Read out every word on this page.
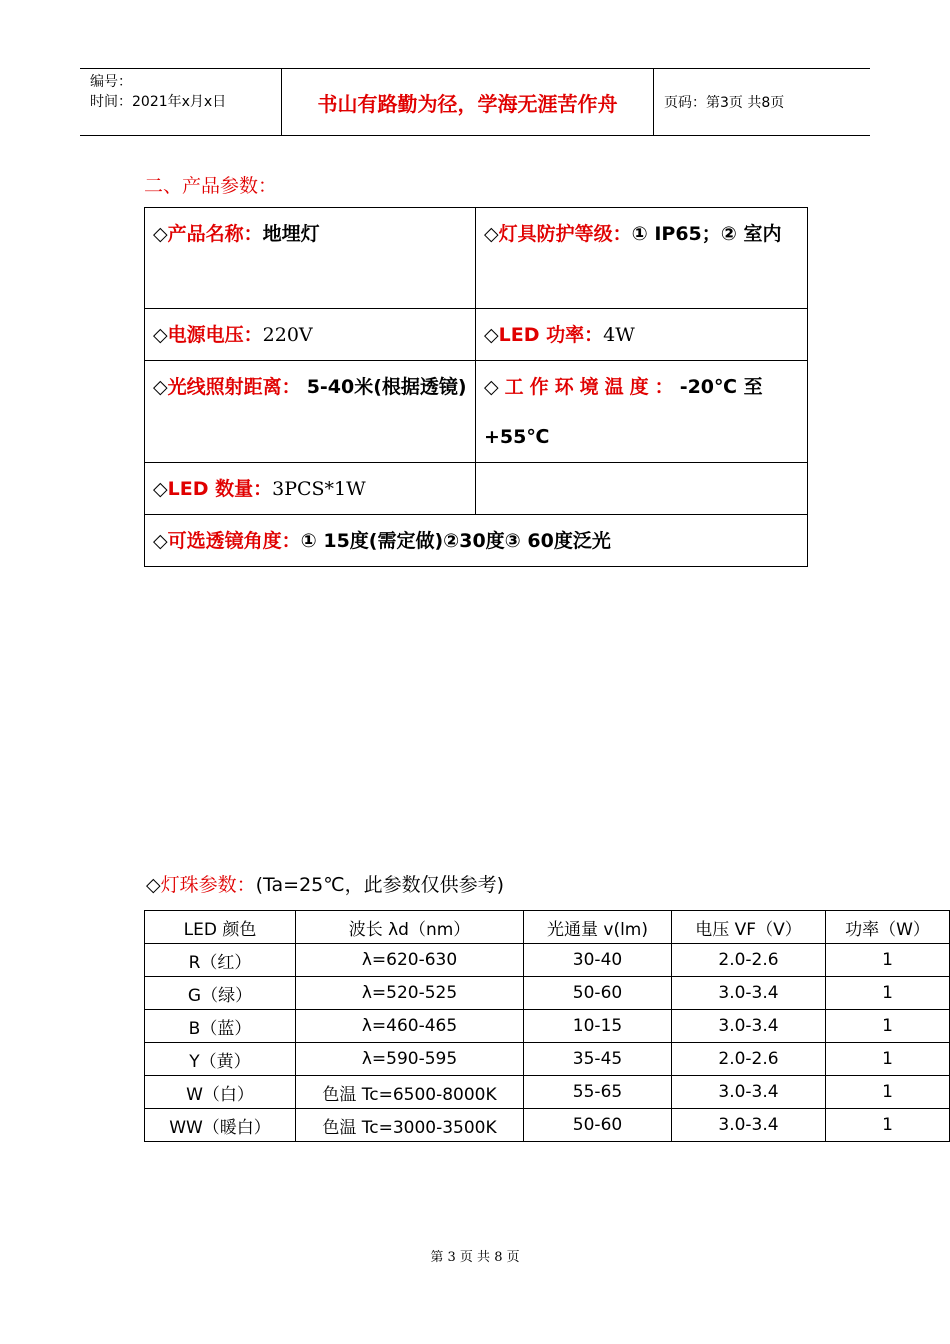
编号：
时间：2021年x月x日	书山有路勤为径，学海无涯苦作舟	页码：第3页 共8页
二、产品参数：
◇产品名称：地埋灯	◇灯具防护等级：① IP65；② 室内

◇电源电压：220V	◇LED 功率：4W

◇光线照射距离： 5-40米(根据透镜)	◇ 工作环境温度：-20℃ 至 +55℃

◇LED 数量：3PCS*1W	

◇可选透镜角度：① 15度(需定做)②30度③ 60度泛光	
◇灯珠参数：(Ta=25℃，此参数仅供参考)
LED 颜色	波长 λd（nm）	光通量 v(lm)	电压 VF（V）	功率（W）
R（红）	λ=620-630	30-40	2.0-2.6	1
G（绿）	λ=520-525	50-60	3.0-3.4	1
B（蓝）	λ=460-465	10-15	3.0-3.4	1
Y（黄）	λ=590-595	35-45	2.0-2.6	1
W（白）	色温 Tc=6500-8000K	55-65	3.0-3.4	1
WW（暖白）	色温 Tc=3000-3500K	50-60	3.0-3.4	1
第 3 页 共 8 页
